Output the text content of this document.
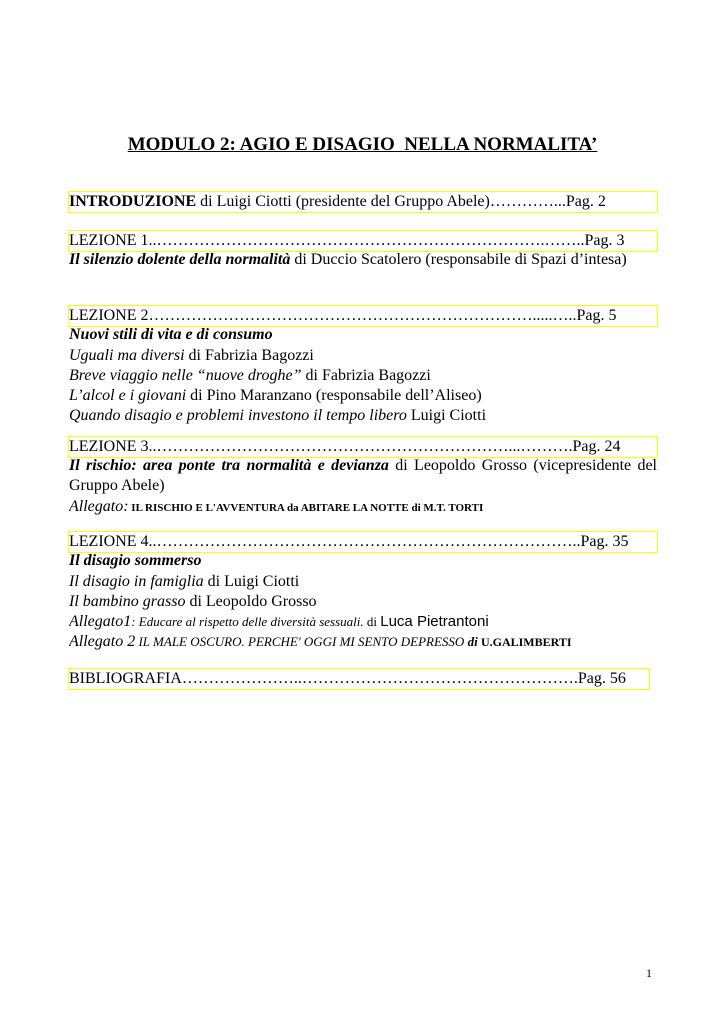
MODULO 2: AGIO E DISAGIO  NELLA NORMALITA’
INTRODUZIONE di Luigi Ciotti (presidente del Gruppo Abele)…………...Pag. 2
LEZIONE 1..……………………………………………………………….……..Pag. 3
Il silenzio dolente della normalità di Duccio Scatolero (responsabile di Spazi d’intesa)
LEZIONE 2……………………………………………………………….....…..Pag. 5
Nuovi stili di vita e di consumo
Uguali ma diversi di Fabrizia Bagozzi
Breve viaggio nelle “nuove droghe” di Fabrizia Bagozzi
L’alcol e i giovani di Pino Maranzano (responsabile dell’Aliseo)
Quando disagio e problemi investono il tempo libero Luigi Ciotti
LEZIONE 3..…………………………………………………………...……….Pag. 24
Il rischio: area ponte tra normalità e devianza di Leopoldo Grosso (vicepresidente del Gruppo Abele)
Allegato: IL RISCHIO E L'AVVENTURA da ABITARE LA NOTTE di M.T. TORTI
LEZIONE 4..……………………………………………………………………..Pag. 35
Il disagio sommerso
Il disagio in famiglia di Luigi Ciotti
Il bambino grasso di Leopoldo Grosso
Allegato1: Educare al rispetto delle diversità sessuali. di Luca Pietrantoni
Allegato 2 IL MALE OSCURO. PERCHE' OGGI MI SENTO DEPRESSO di U.GALIMBERTI
BIBLIOGRAFIA…………………..…………………………………………….Pag. 56
1
